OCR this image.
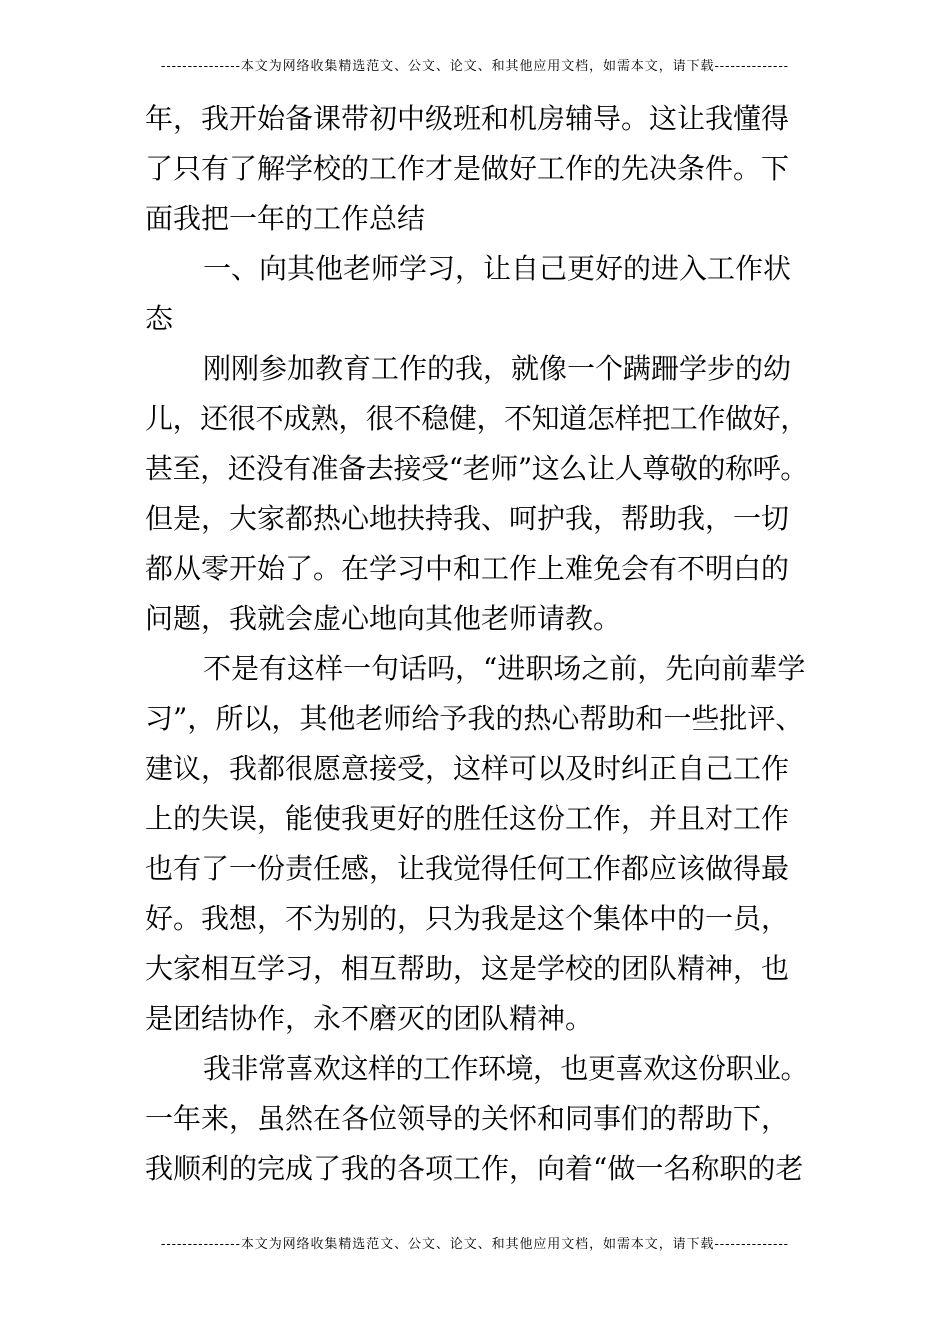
---------------本文为网络收集精选范文、公文、论文、和其他应用文档，如需本文，请下载--------------
年，我开始备课带初中级班和机房辅导。这让我懂得
了只有了解学校的工作才是做好工作的先决条件。下
面我把一年的工作总结
一、向其他老师学习，让自己更好的进入工作状
态
刚刚参加教育工作的我，就像一个蹒跚学步的幼
儿，还很不成熟，很不稳健，不知道怎样把工作做好，
甚至，还没有准备去接受“老师”这么让人尊敬的称呼。
但是，大家都热心地扶持我、呵护我，帮助我，一切
都从零开始了。在学习中和工作上难免会有不明白的
问题，我就会虚心地向其他老师请教。
不是有这样一句话吗，“进职场之前，先向前辈学
习”，所以，其他老师给予我的热心帮助和一些批评、
建议，我都很愿意接受，这样可以及时纠正自己工作
上的失误，能使我更好的胜任这份工作，并且对工作
也有了一份责任感，让我觉得任何工作都应该做得最
好。我想，不为别的，只为我是这个集体中的一员，
大家相互学习，相互帮助，这是学校的团队精神，也
是团结协作，永不磨灭的团队精神。
我非常喜欢这样的工作环境，也更喜欢这份职业。
一年来，虽然在各位领导的关怀和同事们的帮助下，
我顺利的完成了我的各项工作，向着“做一名称职的老
---------------本文为网络收集精选范文、公文、论文、和其他应用文档，如需本文，请下载--------------
